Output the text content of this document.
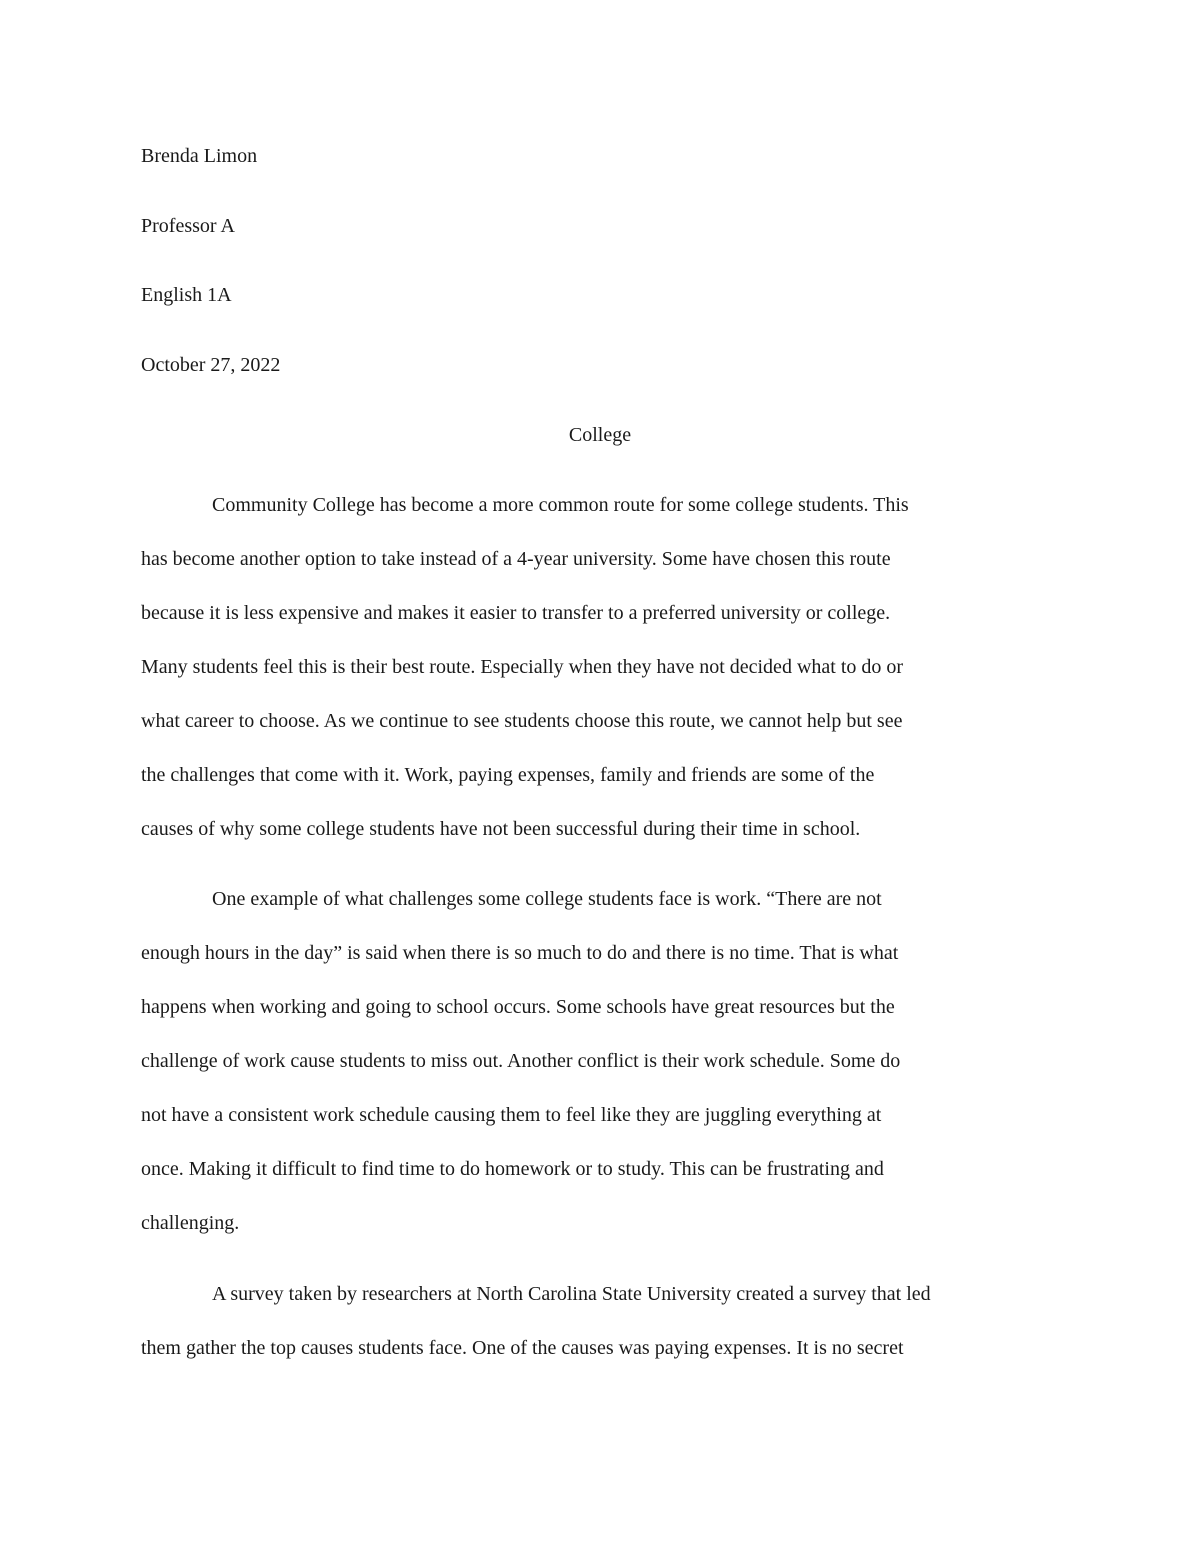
Brenda Limon

Professor A

English 1A

October 27, 2022

College

Community College has become a more common route for some college students. This

has become another option to take instead of a 4-year university. Some have chosen this route

because it is less expensive and makes it easier to transfer to a preferred university or college.

Many students feel this is their best route. Especially when they have not decided what to do or

what career to choose. As we continue to see students choose this route, we cannot help but see

the challenges that come with it. Work, paying expenses, family and friends are some of the

causes of why some college students have not been successful during their time in school.

One example of what challenges some college students face is work. “There are not

enough hours in the day” is said when there is so much to do and there is no time. That is what

happens when working and going to school occurs. Some schools have great resources but the

challenge of work cause students to miss out. Another conflict is their work schedule. Some do

not have a consistent work schedule causing them to feel like they are juggling everything at

once. Making it difficult to find time to do homework or to study. This can be frustrating and

challenging.

A survey taken by researchers at North Carolina State University created a survey that led

them gather the top causes students face. One of the causes was paying expenses. It is no secret
